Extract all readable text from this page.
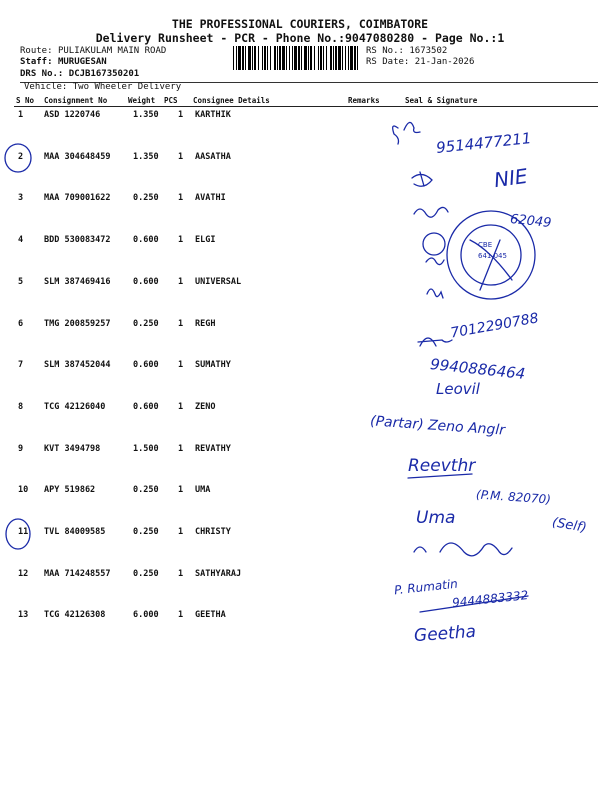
THE PROFESSIONAL COURIERS, COIMBATORE
Delivery Runsheet - PCR - Phone No.:9047080280 - Page No.:1
Route: PULIAKULAM MAIN ROAD
Staff: MURUGESAN
DRS No.: DCJB167350201
RS No.: 1673502
RS Date: 21-Jan-2026
Vehicle: Two Wheeler Delivery
S No Consignment No	Weight PCS Consignee Details	Remarks	Seal & Signature
1 ASD 1220746	1.350 1 KARTHIK
2 MAA 304648459	1.350 1 AASATHA
3 MAA 709001622	0.250 1 AVATHI
4 BDD 530083472	0.600 1 ELGI
5 SLM 387469416	0.600 1 UNIVERSAL
6 TMG 200859257	0.250 1 REGH
7 SLM 387452044	0.600 1 SUMATHY
8 TCG 42126040	0.600 1 ZENO
9 KVT 3494798	1.500 1 REVATHY
10 APY 519862	0.250 1 UMA
11 TVL 84009585	0.250 1 CHRISTY
12 MAA 714248557	0.250 1 SATHYARAJ
13 TCG 42126308	6.000 1 GEETHA
CBE
641 045
9514477211
NIE
62049
7012290788
9940886464
Leovil
(Partar) Zeno Anglr
Reevthr
(P.M. 82070)
Uma	(Self)
P. Rumatin
9444883332
Geetha
